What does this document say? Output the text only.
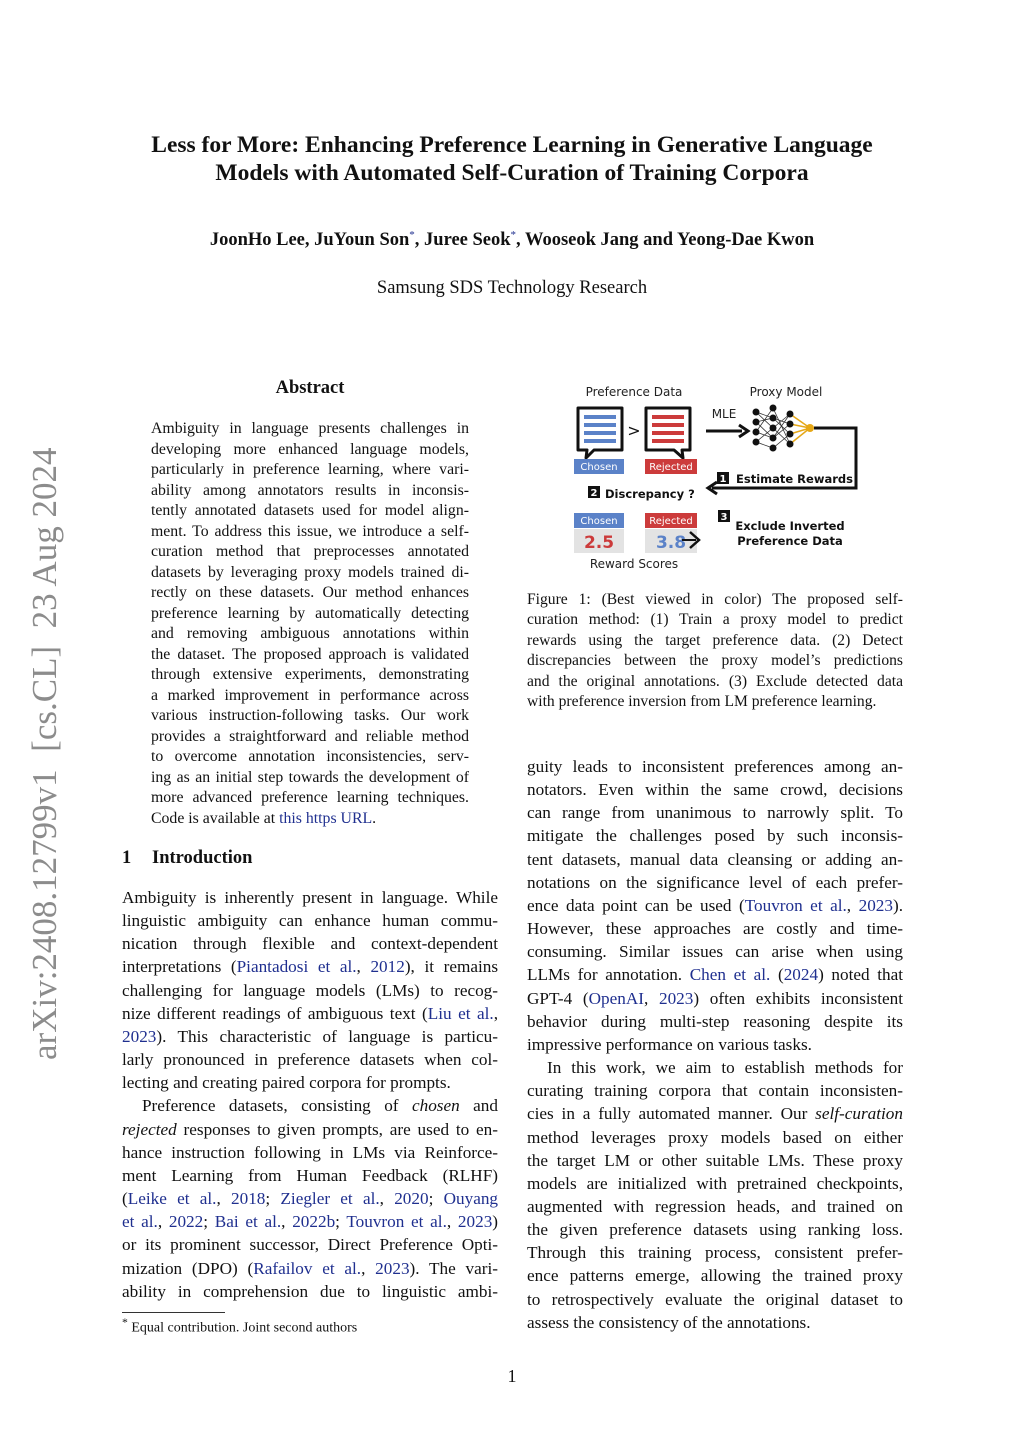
Less for More: Enhancing Preference Learning in Generative Language
Models with Automated Self-Curation of Training Corpora
JoonHo Lee, JuYoun Son*, Juree Seok*, Wooseok Jang and Yeong-Dae Kwon
Samsung SDS Technology Research
arXiv:2408.12799v1  [cs.CL]  23 Aug 2024
Abstract
Ambiguity in language presents challenges in
developing more enhanced language models,
particularly in preference learning, where vari-
ability among annotators results in inconsis-
tently annotated datasets used for model align-
ment. To address this issue, we introduce a self-
curation method that preprocesses annotated
datasets by leveraging proxy models trained di-
rectly on these datasets. Our method enhances
preference learning by automatically detecting
and removing ambiguous annotations within
the dataset. The proposed approach is validated
through extensive experiments, demonstrating
a marked improvement in performance across
various instruction-following tasks. Our work
provides a straightforward and reliable method
to overcome annotation inconsistencies, serv-
ing as an initial step towards the development of
more advanced preference learning techniques.
Code is available at this https URL.
1 Introduction
Ambiguity is inherently present in language. While
linguistic ambiguity can enhance human commu-
nication through flexible and context-dependent
interpretations (Piantadosi et al., 2012), it remains
challenging for language models (LMs) to recog-
nize different readings of ambiguous text (Liu et al.,
2023). This characteristic of language is particu-
larly pronounced in preference datasets when col-
lecting and creating paired corpora for prompts.
Preference datasets, consisting of chosen and
rejected responses to given prompts, are used to en-
hance instruction following in LMs via Reinforce-
ment Learning from Human Feedback (RLHF)
(Leike et al., 2018; Ziegler et al., 2020; Ouyang
et al., 2022; Bai et al., 2022b; Touvron et al., 2023)
or its prominent successor, Direct Preference Opti-
mization (DPO) (Rafailov et al., 2023). The vari-
ability in comprehension due to linguistic ambi-
* Equal contribution. Joint second authors
Preference Data	Proxy Model
>
Chosen	Rejected
MLE
1 Estimate Rewards
2 Discrepancy ?
Chosen	Rejected
2.5 3.8
Reward Scores
3
Exclude Inverted
Preference Data
Figure 1: (Best viewed in color) The proposed self-
curation method: (1) Train a proxy model to predict
rewards using the target preference data. (2) Detect
discrepancies between the proxy model’s predictions
and the original annotations. (3) Exclude detected data
with preference inversion from LM preference learning.
guity leads to inconsistent preferences among an-
notators. Even within the same crowd, decisions
can range from unanimous to narrowly split. To
mitigate the challenges posed by such inconsis-
tent datasets, manual data cleansing or adding an-
notations on the significance level of each prefer-
ence data point can be used (Touvron et al., 2023).
However, these approaches are costly and time-
consuming. Similar issues can arise when using
LLMs for annotation. Chen et al. (2024) noted that
GPT-4 (OpenAI, 2023) often exhibits inconsistent
behavior during multi-step reasoning despite its
impressive performance on various tasks.
In this work, we aim to establish methods for
curating training corpora that contain inconsisten-
cies in a fully automated manner. Our self-curation
method leverages proxy models based on either
the target LM or other suitable LMs. These proxy
models are initialized with pretrained checkpoints,
augmented with regression heads, and trained on
the given preference datasets using ranking loss.
Through this training process, consistent prefer-
ence patterns emerge, allowing the trained proxy
to retrospectively evaluate the original dataset to
assess the consistency of the annotations.
1
